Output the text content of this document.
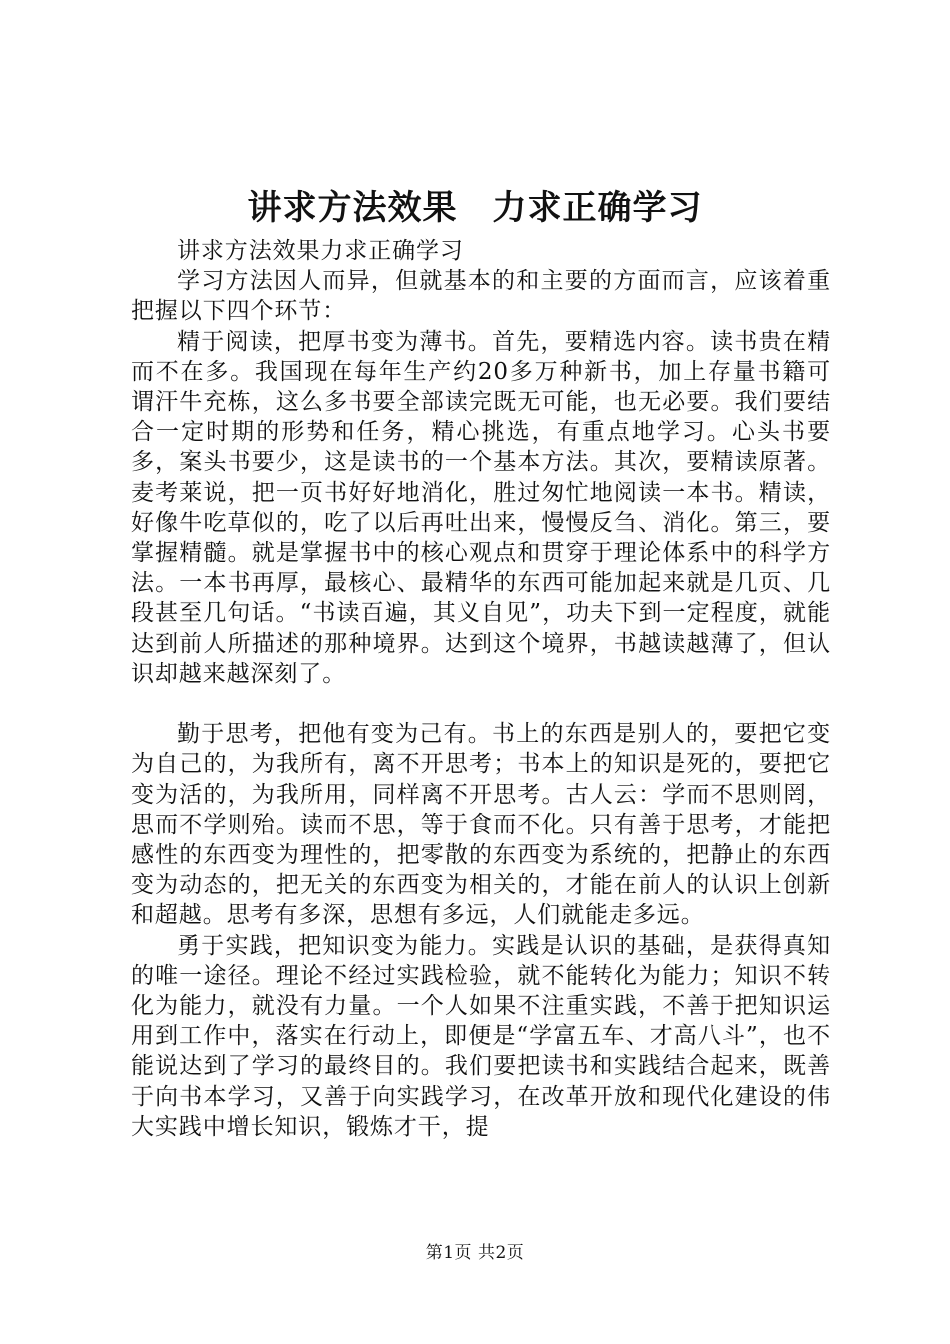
讲求方法效果　力求正确学习

讲求方法效果力求正确学习

学习方法因人而异，但就基本的和主要的方面而言，应该着重把握以下四个环节：

精于阅读，把厚书变为薄书。首先，要精选内容。读书贵在精而不在多。我国现在每年生产约20多万种新书，加上存量书籍可谓汗牛充栋，这么多书要全部读完既无可能，也无必要。我们要结合一定时期的形势和任务，精心挑选，有重点地学习。心头书要多，案头书要少，这是读书的一个基本方法。其次，要精读原著。麦考莱说，把一页书好好地消化，胜过匆忙地阅读一本书。精读，好像牛吃草似的，吃了以后再吐出来，慢慢反刍、消化。第三，要掌握精髓。就是掌握书中的核心观点和贯穿于理论体系中的科学方法。一本书再厚，最核心、最精华的东西可能加起来就是几页、几段甚至几句话。“书读百遍，其义自见”，功夫下到一定程度，就能达到前人所描述的那种境界。达到这个境界，书越读越薄了，但认识却越来越深刻了。

勤于思考，把他有变为己有。书上的东西是别人的，要把它变为自己的，为我所有，离不开思考；书本上的知识是死的，要把它变为活的，为我所用，同样离不开思考。古人云：学而不思则罔，思而不学则殆。读而不思，等于食而不化。只有善于思考，才能把感性的东西变为理性的，把零散的东西变为系统的，把静止的东西变为动态的，把无关的东西变为相关的，才能在前人的认识上创新和超越。思考有多深，思想有多远，人们就能走多远。

勇于实践，把知识变为能力。实践是认识的基础，是获得真知的唯一途径。理论不经过实践检验，就不能转化为能力；知识不转化为能力，就没有力量。一个人如果不注重实践，不善于把知识运用到工作中，落实在行动上，即便是“学富五车、才高八斗”，也不能说达到了学习的最终目的。我们要把读书和实践结合起来，既善于向书本学习，又善于向实践学习，在改革开放和现代化建设的伟大实践中增长知识，锻炼才干，提

第1页 共2页
